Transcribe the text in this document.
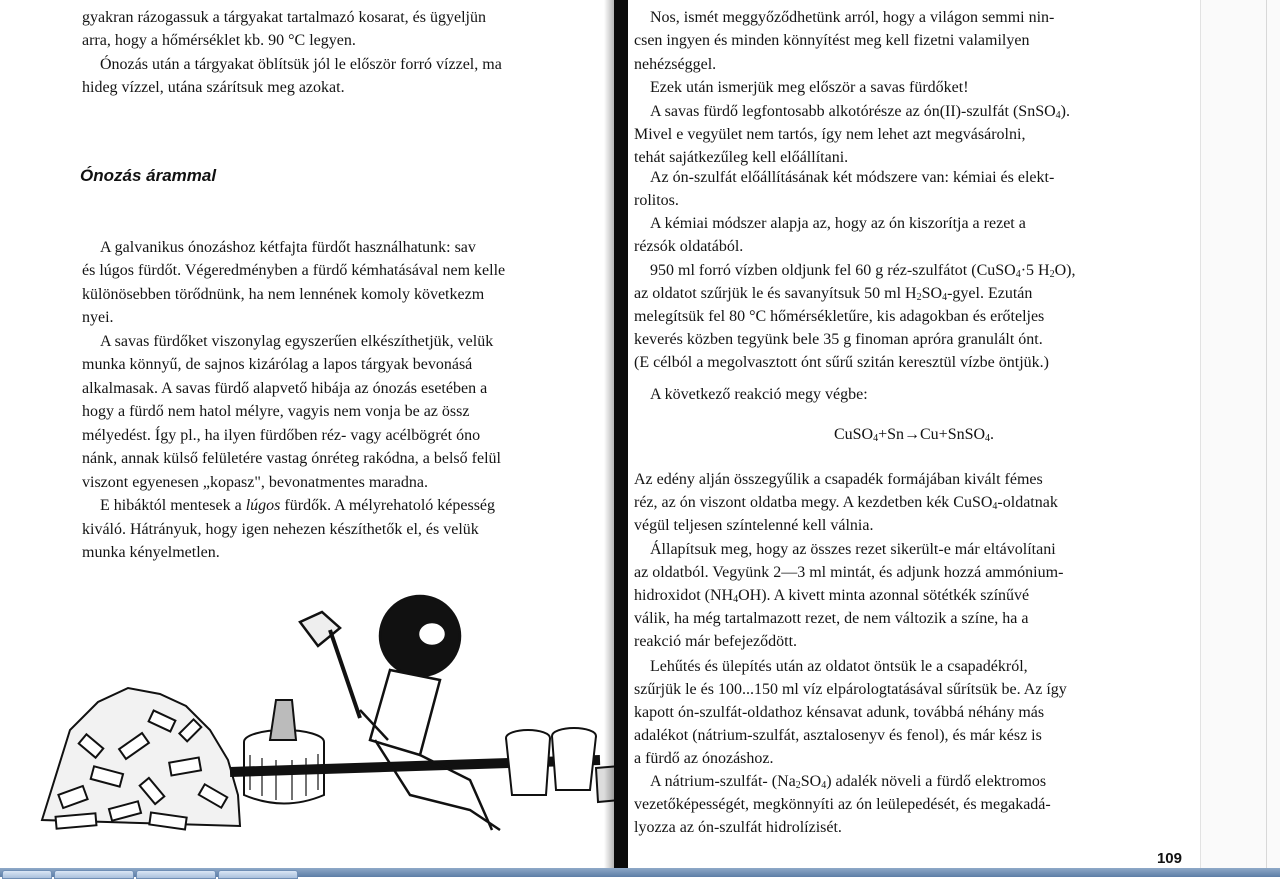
gyakran rázogassuk a tárgyakat tartalmazó kosarat, és ügyeljün

arra, hogy a hőmérséklet kb. 90 °C legyen.

Ónozás után a tárgyakat öblítsük jól le először forró vízzel, ma

hideg vízzel, utána szárítsuk meg azokat.

Ónozás árammal

A galvanikus ónozáshoz kétfajta fürdőt használhatunk: sav

és lúgos fürdőt. Végeredményben a fürdő kémhatásával nem kelle

különösebben törődnünk, ha nem lennének komoly következm

nyei.

A savas fürdőket viszonylag egyszerűen elkészíthetjük, velük

munka könnyű, de sajnos kizárólag a lapos tárgyak bevonásá

alkalmasak. A savas fürdő alapvető hibája az ónozás esetében a

hogy a fürdő nem hatol mélyre, vagyis nem vonja be az össz

mélyedést. Így pl., ha ilyen fürdőben réz- vagy acélbögrét óno

nánk, annak külső felületére vastag ónréteg rakódna, a belső felül

viszont egyenesen „kopasz", bevonatmentes maradna.

E hibáktól mentesek a lúgos fürdők. A mélyrehatoló képesség

kiváló. Hátrányuk, hogy igen nehezen készíthetők el, és velük

munka kényelmetlen.

Nos, ismét meggyőződhetünk arról, hogy a világon semmi nin-

csen ingyen és minden könnyítést meg kell fizetni valamilyen

nehézséggel.

Ezek után ismerjük meg először a savas fürdőket!

A savas fürdő legfontosabb alkotórésze az ón(II)-szulfát (SnSO$_4$).

Mivel e vegyület nem tartós, így nem lehet azt megvásárolni,

tehát sajátkezűleg kell előállítani.

Az ón-szulfát előállításának két módszere van: kémiai és elekt-

rolitos.

A kémiai módszer alapja az, hogy az ón kiszorítja a rezet a

rézsók oldatából.

950 ml forró vízben oldjunk fel 60 g réz-szulfátot (CuSO$_4$·5 $H_2O$),

az oldatot szűrjük le és savanyítsuk 50 ml $H_2SO_4$-gyel. Ezután

melegítsük fel 80 °C hőmérsékletűre, kis adagokban és erőteljes

keverés közben tegyünk bele 35 g finoman apróra granulált ónt.

(E célból a megolvasztott ónt sűrű szitán keresztül vízbe öntjük.)

A következő reakció megy végbe:

CuSO$_4$+Sn→Cu+SnSO$_4$.

Az edény alján összegyűlik a csapadék formájában kivált fémes

réz, az ón viszont oldatba megy. A kezdetben kék CuSO$_4$-oldatnak

végül teljesen színtelenné kell válnia.

Állapítsuk meg, hogy az összes rezet sikerült-e már eltávolítani

az oldatból. Vegyünk 2—3 ml mintát, és adjunk hozzá ammónium-

hidroxidot $(NH_4OH)$. A kivett minta azonnal sötétkék színűvé

válik, ha még tartalmazott rezet, de nem változik a színe, ha a

reakció már befejeződött.

Lehűtés és ülepítés után az oldatot öntsük le a csapadékról,

szűrjük le és 100...150 ml víz elpárologtatásával sűrítsük be. Az így

kapott ón-szulfát-oldathoz kénsavat adunk, továbbá néhány más

adalékot (nátrium-szulfát, asztalosenyv és fenol), és már kész is

a fürdő az ónozáshoz.

A nátrium-szulfát- $(Na_2SO_4)$ adalék növeli a fürdő elektromos

vezetőképességét, megkönnyíti az ón leülepedését, és megakadá-

lyozza az ón-szulfát hidrolízisét.

109
